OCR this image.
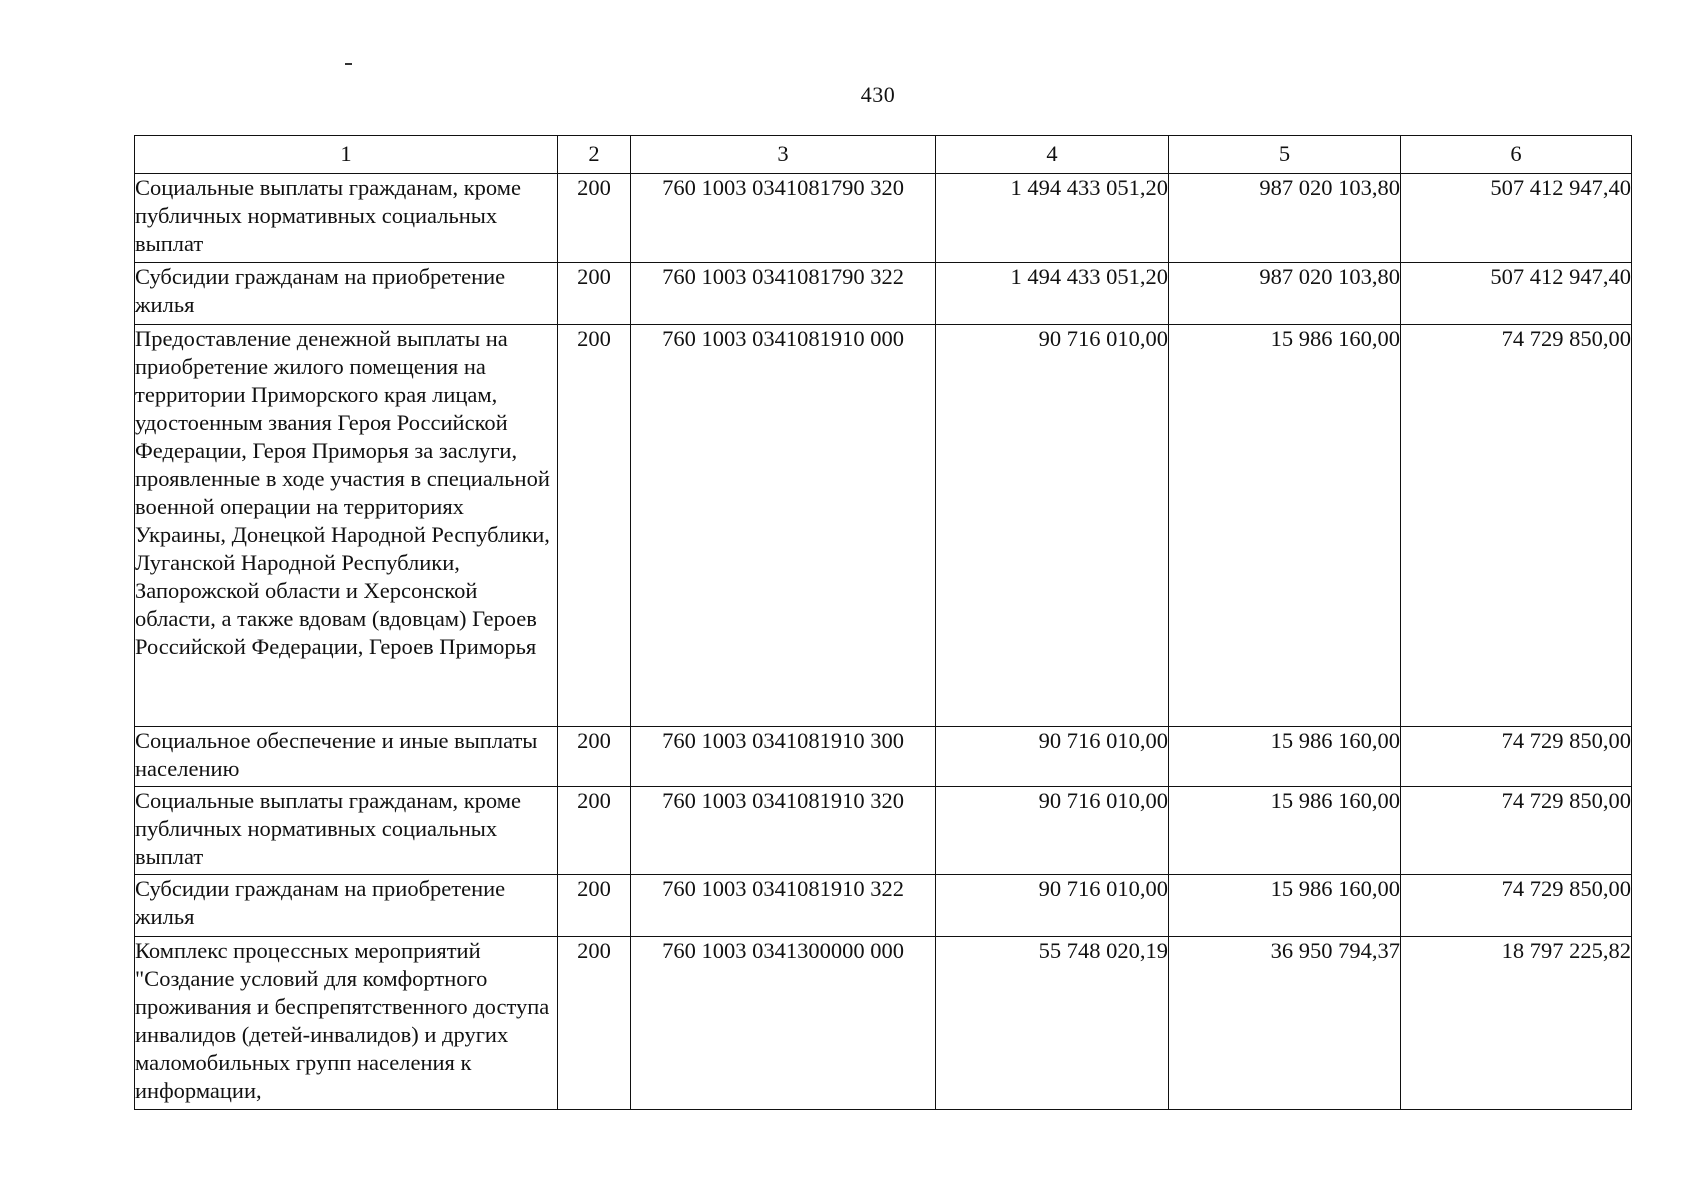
430
1	2	3	4	5	6
Социальные выплаты гражданам, кроме публичных нормативных социальных выплат	200	760 1003 0341081790 320	1 494 433 051,20	987 020 103,80	507 412 947,40
Субсидии гражданам на приобретение жилья	200	760 1003 0341081790 322	1 494 433 051,20	987 020 103,80	507 412 947,40
Предоставление денежной выплаты на приобретение жилого помещения на территории Приморского края лицам, удостоенным звания Героя Российской Федерации, Героя Приморья за заслуги, проявленные в ходе участия в специальной военной операции на территориях Украины, Донецкой Народной Республики, Луганской Народной Республики, Запорожской области и Херсонской области, а также вдовам (вдовцам) Героев Российской Федерации, Героев Приморья	200	760 1003 0341081910 000	90 716 010,00	15 986 160,00	74 729 850,00
Социальное обеспечение и иные выплаты населению	200	760 1003 0341081910 300	90 716 010,00	15 986 160,00	74 729 850,00
Социальные выплаты гражданам, кроме публичных нормативных социальных выплат	200	760 1003 0341081910 320	90 716 010,00	15 986 160,00	74 729 850,00
Субсидии гражданам на приобретение жилья	200	760 1003 0341081910 322	90 716 010,00	15 986 160,00	74 729 850,00
Комплекс процессных мероприятий "Создание условий для комфортного проживания и беспрепятственного доступа инвалидов (детей-инвалидов) и других маломобильных групп населения к информации,	200	760 1003 0341300000 000	55 748 020,19	36 950 794,37	18 797 225,82
